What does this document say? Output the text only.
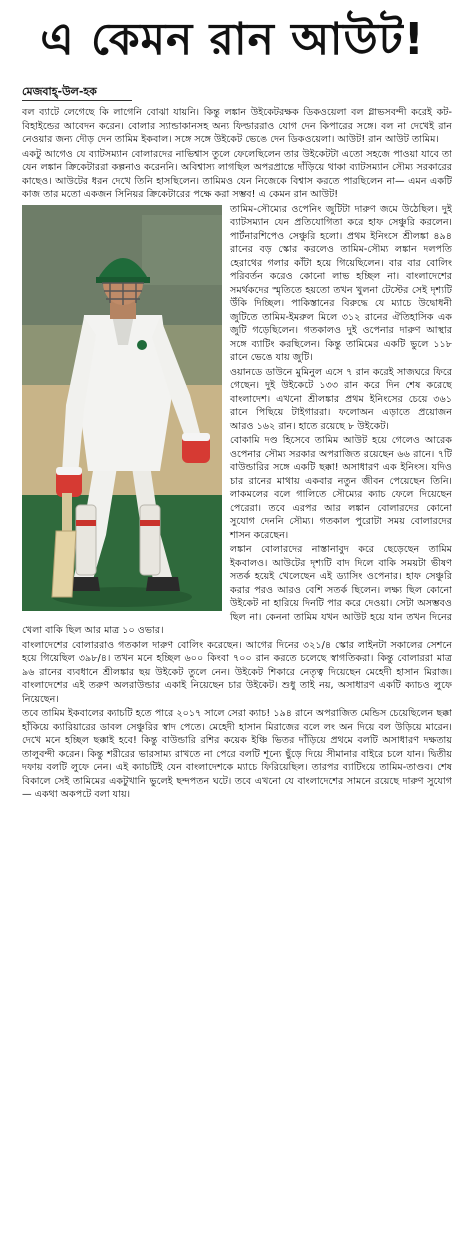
এ কেমন রান আউট!
মেজবাহ্-উল-হক

বল ব্যাটে লেগেছে কি লাগেনি বোঝা যায়নি। কিন্তু লঙ্কান উইকেটরক্ষক ডিকওয়েলা বল গ্লাভসবন্দী করেই কট-বিহাইন্ডের আবেদন করেন। বোলার স্যান্ডাকানসহ অন্য ফিল্ডাররাও যোগ দেন কিপারের সঙ্গে। বল না দেখেই রান নেওয়ার জন্য দৌড় দেন তামিম ইকবাল। সঙ্গে সঙ্গে উইকেট ভেঙে দেন ডিকওয়েলা। আউট! রান আউট তামিম।

একটু আগেও যে ব্যাটসম্যান বোলারদের নাভিশ্বাস তুলে ফেলেছিলেন তার উইকেটটা এতো সহজে পাওয়া যাবে তা যেন লঙ্কান ক্রিকেটাররা কল্পনাও করেননি। অবিশ্বাস্য লাগছিল অপরপ্রান্তে দাঁড়িয়ে থাকা ব্যাটসম্যান সৌম্য সরকারের কাছেও। আউটের ধরন দেখে তিনি হাসছিলেন। তামিমও যেন নিজেকে বিশ্বাস করতে পারছিলেন না— এমন একটি কাজ তার মতো একজন সিনিয়র ক্রিকেটারের পক্ষে করা সম্ভব! এ কেমন রান আউট!

তামিম-সৌম্যের ওপেনিং জুটিটা দারুণ জমে উঠেছিল। দুই ব্যাটসম্যান যেন প্রতিযোগিতা করে হাফ সেঞ্চুরি করলেন। পার্টনারশিপেও সেঞ্চুরি হলো। প্রথম ইনিংসে শ্রীলঙ্কা ৪৯৪ রানের বড় স্কোর করলেও তামিম-সৌম্য লঙ্কান দলপতি হেরাথের গলার কাঁটা হয়ে গিয়েছিলেন। বার বার বোলিং পরিবর্তন করেও কোনো লাভ হচ্ছিল না। বাংলাদেশের সমর্থকদের স্মৃতিতে হয়তো তখন খুলনা টেস্টের সেই দৃশ্যটি উঁকি দিচ্ছিল। পাকিস্তানের বিরুদ্ধে যে ম্যাচে উদ্বোধনী জুটিতে তামিম-ইমরুল মিলে ৩১২ রানের ঐতিহাসিক এক জুটি গড়েছিলেন। গতকালও দুই ওপেনার দারুণ আস্থার সঙ্গে ব্যাটিং করছিলেন। কিন্তু তামিমের একটি ভুলে ১১৮ রানে ভেঙে যায় জুটি।

ওয়ানডে ডাউনে মুমিনুল এসে ৭ রান করেই সাজঘরে ফিরে গেছেন। দুই উইকেটে ১৩৩ রান করে দিন শেষ করেছে বাংলাদেশ। এখনো শ্রীলঙ্কার প্রথম ইনিংসের চেয়ে ৩৬১ রানে পিছিয়ে টাইগাররা। ফলোঅন এড়াতে প্রয়োজন আরও ১৬২ রান। হাতে রয়েছে ৮ উইকেট।

বোকামি দণ্ড হিসেবে তামিম আউট হয়ে গেলেও আরেক ওপেনার সৌম্য সরকার অপরাজিত রয়েছেন ৬৬ রানে। ৭টি বাউন্ডারির সঙ্গে একটি ছক্কা! অসাধারণ এক ইনিংস। যদিও চার রানের মাথায় একবার নতুন জীবন পেয়েছেন তিনি। লাকমলের বলে গালিতে সৌম্যের ক্যাচ ফেলে দিয়েছেন পেরেরা। তবে এরপর আর লঙ্কান বোলারদের কোনো সুযোগ দেননি সৌম্য। গতকাল পুরোটা সময় বোলারদের শাসন করেছেন।

লঙ্কান বোলারদের নাস্তানাবুদ করে ছেড়েছেন তামিম ইকবালও। আউটের দৃশ্যটি বাদ দিলে বাকি সময়টা ভীষণ সতর্ক হয়েই খেলেছেন এই ড্যাসিং ওপেনার। হাফ সেঞ্চুরি করার পরও আরও বেশি সতর্ক ছিলেন। লক্ষ্য ছিল কোনো উইকেট না হারিয়ে দিনটি পার করে দেওয়া। সেটা অসম্ভবও ছিল না। কেননা তামিম যখন আউট হয়ে যান তখন দিনের খেলা বাকি ছিল আর মাত্র ১০ ওভার।

বাংলাদেশের বোলাররাও গতকাল দারুণ বোলিং করেছেন। আগের দিনের ৩২১/৪ স্কোর লাইনটা সকালের সেশনে হয়ে গিয়েছিল ৩৯৮/৪। তখন মনে হচ্ছিল ৬০০ কিংবা ৭০০ রান করতে চলেছে স্বাগতিকরা। কিন্তু বোলাররা মাত্র ৯৬ রানের ব্যবধানে শ্রীলঙ্কার ছয় উইকেট তুলে নেন। উইকেট শিকারে নেতৃত্ব দিয়েছেন মেহেদী হাসান মিরাজ। বাংলাদেশের এই তরুণ অলরাউন্ডার একাই নিয়েছেন চার উইকেট। শুধু তাই নয়, অসাধারণ একটি ক্যাচও লুফে নিয়েছেন।

তবে তামিম ইকবালের ক্যাচটি হতে পারে ২০১৭ সালে সেরা ক্যাচ! ১৯৪ রানে অপরাজিত মেন্ডিস চেয়েছিলেন ছক্কা হাঁকিয়ে ক্যারিয়ারের ডাবল সেঞ্চুরির স্বাদ পেতে। মেহেদী হাসান মিরাজের বলে লং অন দিয়ে বল উড়িয়ে মারেন। দেখে মনে হচ্ছিল ছক্কাই হবে! কিন্তু বাউন্ডারি রশির কয়েক ইঞ্চি ভিতর দাঁড়িয়ে প্রথমে বলটি অসাধারণ দক্ষতায় তালুবন্দী করেন। কিন্তু শরীরের ভারসাম্য রাখতে না পেরে বলটি শূন্যে ছুঁড়ে দিয়ে সীমানার বাইরে চলে যান। দ্বিতীয় দফায় বলটি লুফে নেন। এই ক্যাচটিই যেন বাংলাদেশকে ম্যাচে ফিরিয়েছিল। তারপর ব্যাটিংয়ে তামিম-তাণ্ডব। শেষ বিকালে সেই তামিমের একটুখানি ভুলেই ছন্দপতন ঘটে। তবে এখনো যে বাংলাদেশের সামনে রয়েছে দারুণ সুযোগ— একথা অকপটে বলা যায়।
